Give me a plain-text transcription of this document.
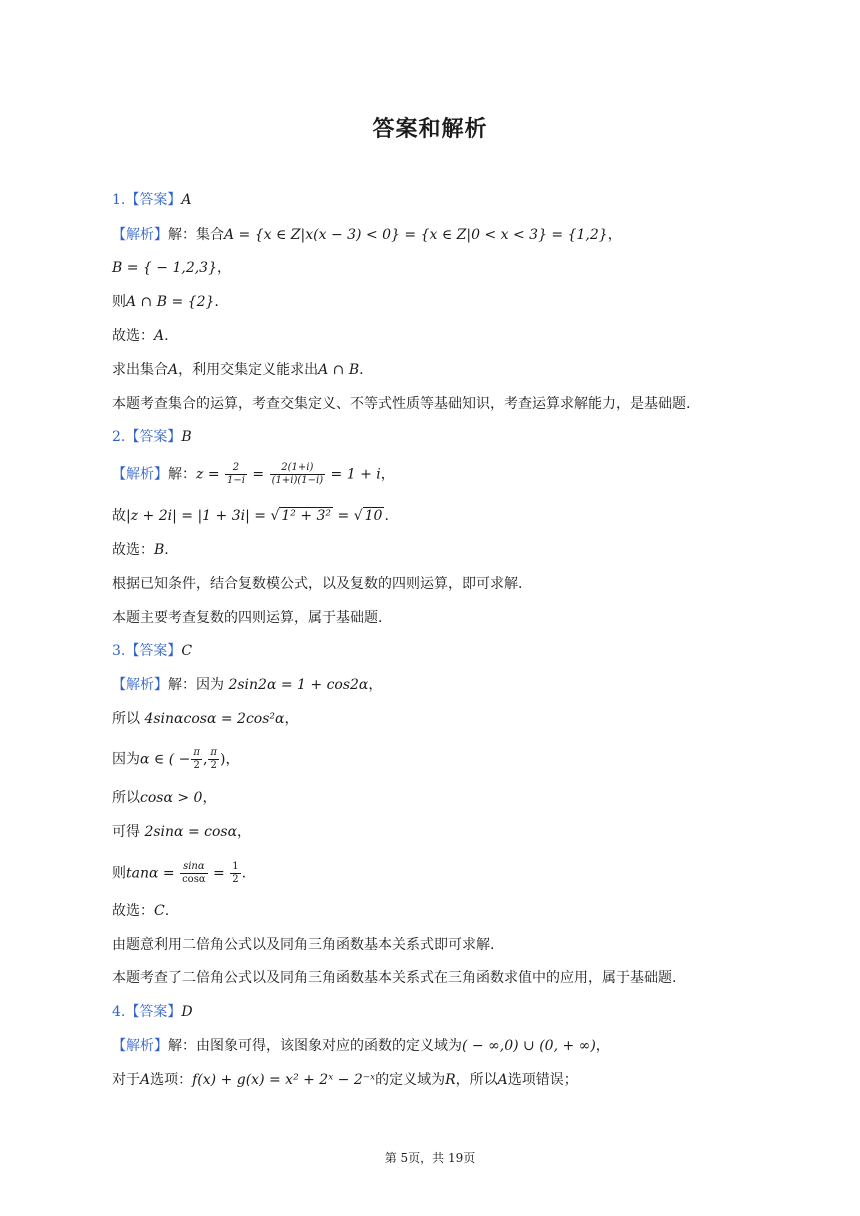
答案和解析
1.【答案】A
【解析】解：集合A = {x ∈ Z|x(x − 3) < 0} = {x ∈ Z|0 < x < 3} = {1,2}，
B = { − 1,2,3}，
则A ∩ B = {2}.
故选：A.
求出集合A，利用交集定义能求出A ∩ B.
本题考查集合的运算，考查交集定义、不等式性质等基础知识，考查运算求解能力，是基础题.
2.【答案】B
【解析】解：$z = \frac{2}{1-i} = \frac{2(1+i)}{(1+i)(1-i)} = 1 + i$，
故|z + 2i| = |1 + 3i| = √ 1² + 3² = √ 10 .
故选：B.
根据已知条件，结合复数模公式，以及复数的四则运算，即可求解.
本题主要考查复数的四则运算，属于基础题.
3.【答案】C
【解析】解：因为 2sin2α = 1 + cos2α，
所以 4sinαcosα = 2cos²α，
因为α ∈ ( − $\frac{\pi}{2}$ , $\frac{\pi}{2}$ )，
所以cosα > 0，
可得 2sinα = cosα，
则$\tan\alpha = \frac{\sin\alpha}{\cos\alpha} = \frac{1}{2}$ .
故选：C.
由题意利用二倍角公式以及同角三角函数基本关系式即可求解.
本题考查了二倍角公式以及同角三角函数基本关系式在三角函数求值中的应用，属于基础题.
4.【答案】D
【解析】解：由图象可得，该图象对应的函数的定义域为( − ∞,0) ∪ (0, + ∞)，
对于A选项：f(x) + g(x) = x² + 2ˣ − 2⁻ˣ的定义域为R，所以A选项错误；
第 5页，共 19页
